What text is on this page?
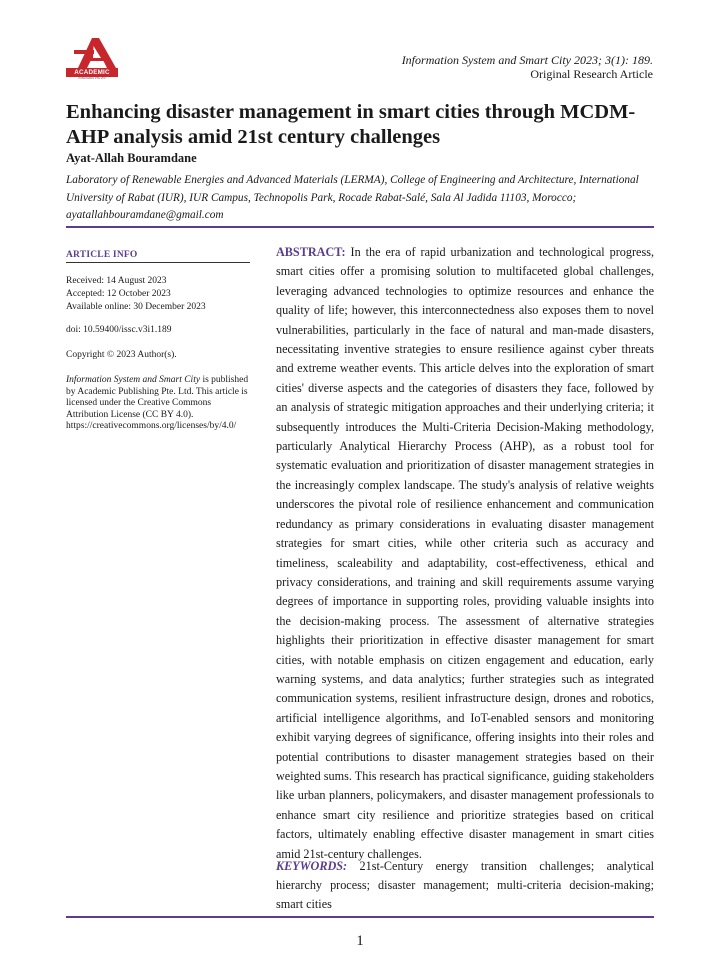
ACADEMIC
PUBLISHING PTE LTD
Information System and Smart City 2023; 3(1): 189.
Original Research Article
Enhancing disaster management in smart cities through MCDM-AHP analysis amid 21st century challenges
Ayat-Allah Bouramdane
Laboratory of Renewable Energies and Advanced Materials (LERMA), College of Engineering and Architecture, International University of Rabat (IUR), IUR Campus, Technopolis Park, Rocade Rabat-Salé, Sala Al Jadida 11103, Morocco; ayatallahbouramdane@gmail.com
ARTICLE INFO
Received: 14 August 2023
Accepted: 12 October 2023
Available online: 30 December 2023
doi: 10.59400/issc.v3i1.189
Copyright © 2023 Author(s).
Information System and Smart City is published by Academic Publishing Pte. Ltd. This article is licensed under the Creative Commons Attribution License (CC BY 4.0). https://creativecommons.org/licenses/by/4.0/

ABSTRACT: In the era of rapid urbanization and technological progress, smart cities offer a promising solution to multifaceted global challenges, leveraging advanced technologies to optimize resources and enhance the quality of life; however, this interconnectedness also exposes them to novel vulnerabilities, particularly in the face of natural and man-made disasters, necessitating inventive strategies to ensure resilience against cyber threats and extreme weather events. This article delves into the exploration of smart cities' diverse aspects and the categories of disasters they face, followed by an analysis of strategic mitigation approaches and their underlying criteria; it subsequently introduces the Multi-Criteria Decision-Making methodology, particularly Analytical Hierarchy Process (AHP), as a robust tool for systematic evaluation and prioritization of disaster management strategies in the increasingly complex landscape. The study's analysis of relative weights underscores the pivotal role of resilience enhancement and communication redundancy as primary considerations in evaluating disaster management strategies for smart cities, while other criteria such as accuracy and timeliness, scaleability and adaptability, cost-effectiveness, ethical and privacy considerations, and training and skill requirements assume varying degrees of importance in supporting roles, providing valuable insights into the decision-making process. The assessment of alternative strategies highlights their prioritization in effective disaster management for smart cities, with notable emphasis on citizen engagement and education, early warning systems, and data analytics; further strategies such as integrated communication systems, resilient infrastructure design, drones and robotics, artificial intelligence algorithms, and IoT-enabled sensors and monitoring exhibit varying degrees of significance, offering insights into their roles and potential contributions to disaster management strategies based on their weighted sums. This research has practical significance, guiding stakeholders like urban planners, policymakers, and disaster management professionals to enhance smart city resilience and prioritize strategies based on critical factors, ultimately enabling effective disaster management in smart cities amid 21st-century challenges.

KEYWORDS: 21st-Century energy transition challenges; analytical hierarchy process; disaster management; multi-criteria decision-making; smart cities

1
